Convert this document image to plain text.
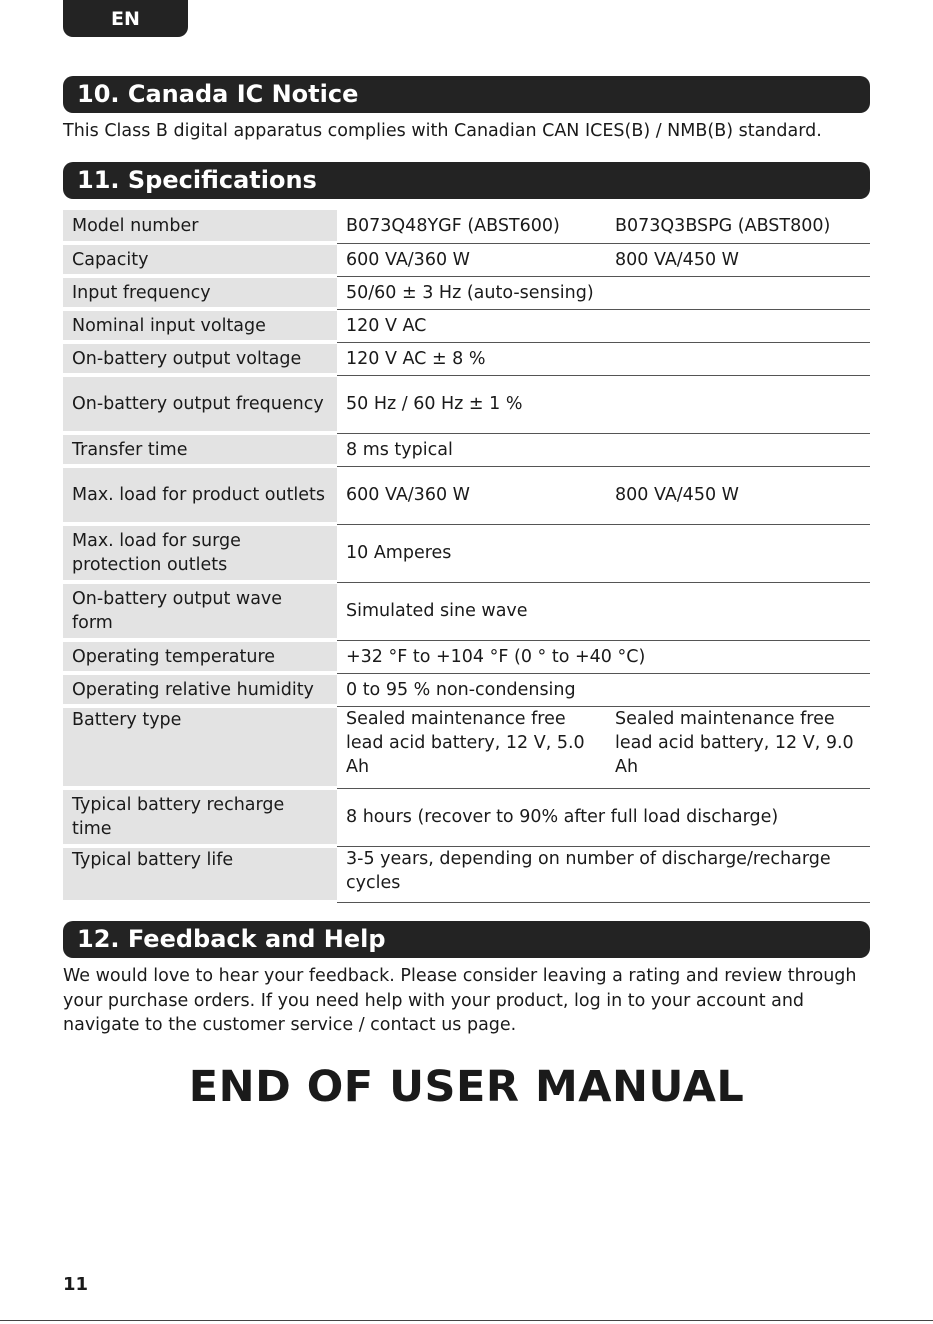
EN
10. Canada IC Notice
This Class B digital apparatus complies with Canadian CAN ICES(B) / NMB(B) standard.
11. Specifications
Model number	B073Q48YGF (ABST600)	B073Q3BSPG (ABST800)
Capacity	600 VA/360 W	800 VA/450 W
Input frequency	50/60 ± 3 Hz (auto-sensing)	
Nominal input voltage	120 V AC	
On-battery output voltage	120 V AC ± 8 %	
On-battery output frequency	50 Hz / 60 Hz ± 1 %	
Transfer time	8 ms typical	
Max. load for product outlets	600 VA/360 W	800 VA/450 W
Max. load for surge protection outlets	10 Amperes	
On-battery output wave form	Simulated sine wave	
Operating temperature	+32 °F to +104 °F (0 ° to +40 °C)	
Operating relative humidity	0 to 95 % non-condensing	
Battery type	Sealed maintenance free lead acid battery, 12 V, 5.0 Ah	Sealed maintenance free lead acid battery, 12 V, 9.0 Ah
Typical battery recharge time	8 hours (recover to 90% after full load discharge)	
Typical battery life	3-5 years, depending on number of discharge/recharge cycles	
12. Feedback and Help
We would love to hear your feedback. Please consider leaving a rating and review through your purchase orders. If you need help with your product, log in to your account and navigate to the customer service / contact us page.
END OF USER MANUAL
11
